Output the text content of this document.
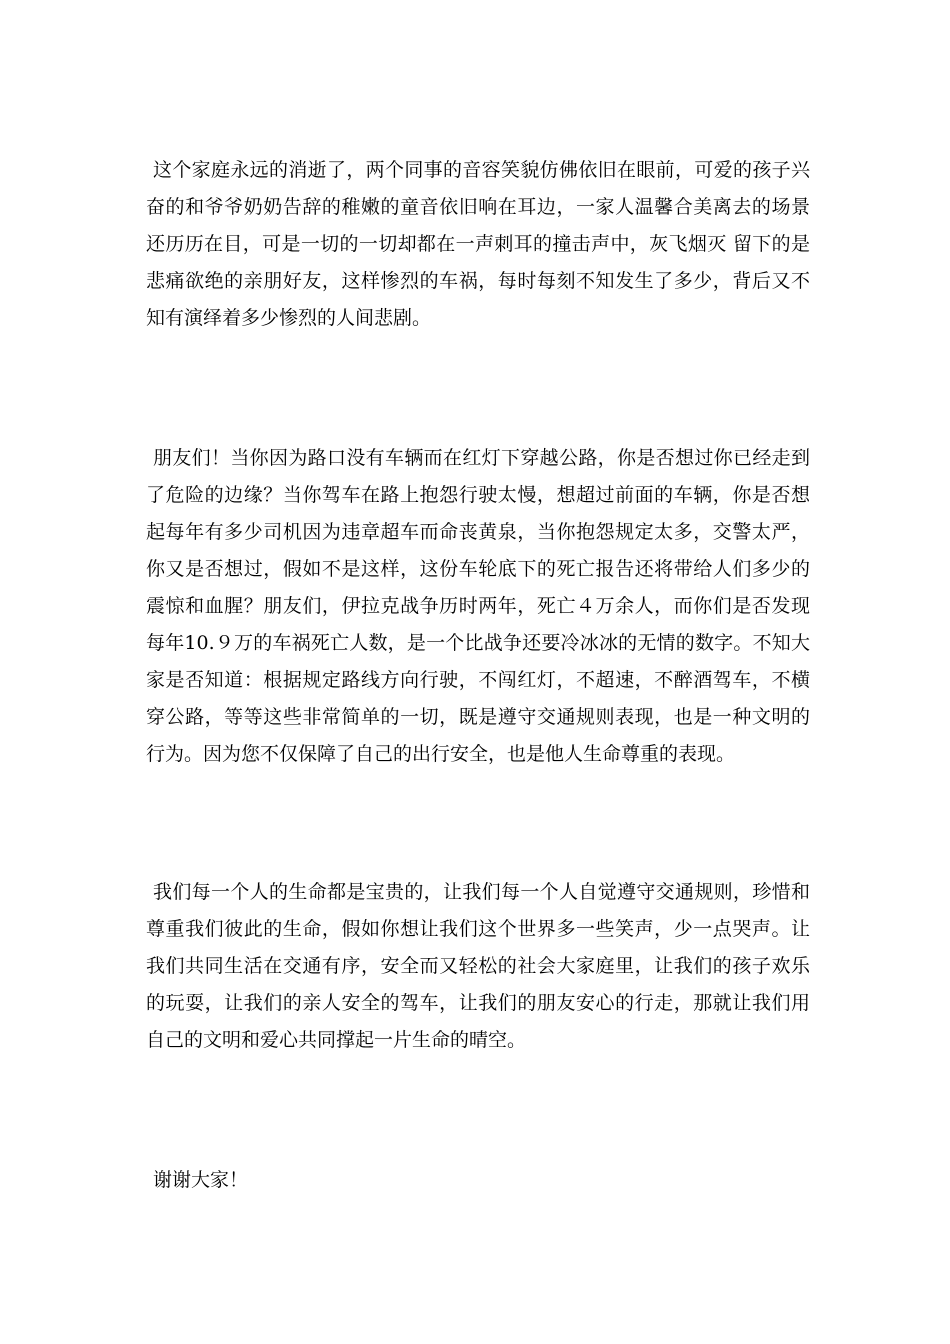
这个家庭永远的消逝了，两个同事的音容笑貌仿佛依旧在眼前，可爱的孩子兴奋的和爷爷奶奶告辞的稚嫩的童音依旧响在耳边，一家人温馨合美离去的场景还历历在目，可是一切的一切却都在一声刺耳的撞击声中，灰飞烟灭 留下的是悲痛欲绝的亲朋好友，这样惨烈的车祸，每时每刻不知发生了多少，背后又不知有演绎着多少惨烈的人间悲剧。

朋友们！当你因为路口没有车辆而在红灯下穿越公路，你是否想过你已经走到了危险的边缘？当你驾车在路上抱怨行驶太慢，想超过前面的车辆，你是否想起每年有多少司机因为违章超车而命丧黄泉，当你抱怨规定太多，交警太严，你又是否想过，假如不是这样，这份车轮底下的死亡报告还将带给人们多少的震惊和血腥？朋友们，伊拉克战争历时两年，死亡４万余人，而你们是否发现每年10.９万的车祸死亡人数，是一个比战争还要冷冰冰的无情的数字。不知大家是否知道：根据规定路线方向行驶，不闯红灯，不超速，不醉酒驾车，不横穿公路，等等这些非常简单的一切，既是遵守交通规则表现，也是一种文明的行为。因为您不仅保障了自己的出行安全，也是他人生命尊重的表现。

我们每一个人的生命都是宝贵的，让我们每一个人自觉遵守交通规则，珍惜和尊重我们彼此的生命，假如你想让我们这个世界多一些笑声，少一点哭声。让我们共同生活在交通有序，安全而又轻松的社会大家庭里，让我们的孩子欢乐的玩耍，让我们的亲人安全的驾车，让我们的朋友安心的行走，那就让我们用自己的文明和爱心共同撑起一片生命的晴空。

谢谢大家！
